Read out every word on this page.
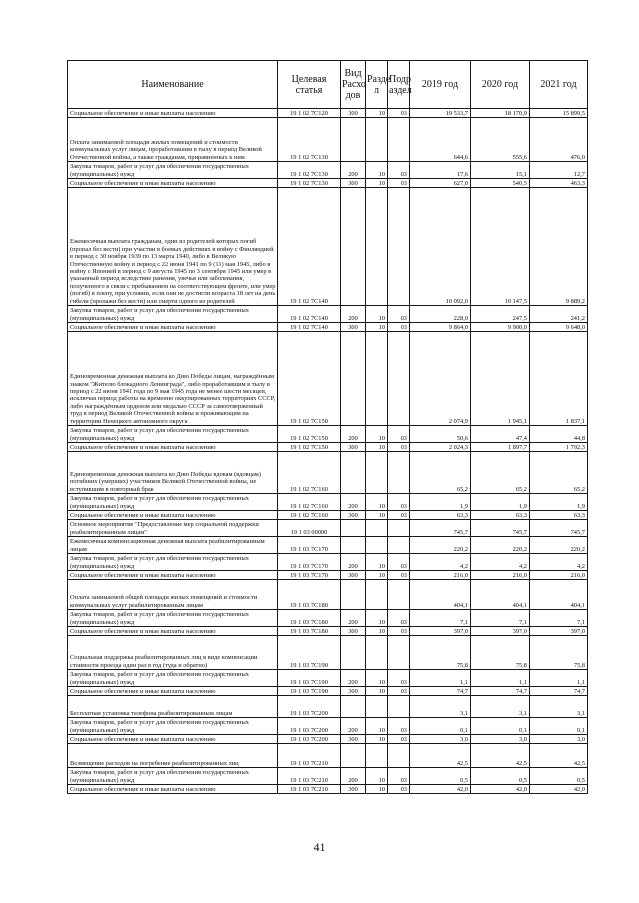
Наименование	Целевая статья	Вид Расхо дов	Разде л	Подр аздел	2019 год	2020 год	2021 год
Социальное обеспечение и иные выплаты населению	19 1 02 7С120	300	10	03	19 533,7	18 170,9	15 899,5
Оплата занимаемой площади жилых помещений и стоимости коммунальных услуг лицам, проработавшим в тылу в период Великой Отечественной войны, а также гражданам, приравненных к ним	19 1 02 7С130				644,6	555,6	476,0
Закупка товаров, работ и услуг для обеспечения государственных (муниципальных) нужд	19 1 02 7С130	200	10	03	17,6	15,1	12,7
Социальное обеспечение и иные выплаты населению	19 1 02 7С130	300	10	03	627,0	540,5	463,3
Ежемесячная выплата гражданам, один из родителей которых погиб (пропал без вести) при участии в боевых действиях в войну с Финляндией в период с 30 ноября 1939 по 13 марта 1940, либо в Великую Отечественную войну в период с 22 июня 1941 по 9 (11) мая 1945, либо в войну с Японией в период с 9 августа 1945 по 3 сентября 1945 или умер в указанный период вследствие ранения, увечья или заболевания, полученного в связи с пребыванием на соответствующем фронте, или умер (погиб) в плену, при условии, если они не достигли возраста 18 лет на день гибели (пропажи без вести) или смерти одного из родителей	19 1 02 7С140				10 092,0	10 147,5	9 889,2
Закупка товаров, работ и услуг для обеспечения государственных (муниципальных) нужд	19 1 02 7С140	200	10	03	228,0	247,5	241,2
Социальное обеспечение и иные выплаты населению	19 1 02 7С140	300	10	03	9 864,0	9 900,0	9 648,0
Единовременная денежная выплата ко Дню Победы лицам, награждённым знаком "Жителю блокадного Ленинграда", либо проработавшим в тылу в период с 22 июня 1941 года по 9 мая 1945 года не менее шести месяцев, исключая период работы на временно оккупированных территориях СССР, либо награждённым орденом или медалью СССР за самоотверженный труд в период Великой Отечественной войны и проживающим на территории Ненецкого автономного округа	19 1 02 7С150				2 074,9	1 945,1	1 837,1
Закупка товаров, работ и услуг для обеспечения государственных (муниципальных) нужд	19 1 02 7С150	200	10	03	50,6	47,4	44,8
Социальное обеспечение и иные выплаты населению	19 1 02 7С150	300	10	03	2 024,3	1 897,7	1 792,3
Единовременная денежная выплата ко Дню Победы вдовам (вдовцам) погибших (умерших) участников Великой Отечественной войны, не вступившим в повторный брак	19 1 02 7С160				65,2	65,2	65,2
Закупка товаров, работ и услуг для обеспечения государственных (муниципальных) нужд	19 1 02 7С160	200	10	03	1,9	1,9	1,9
Социальное обеспечение и иные выплаты населению	19 1 02 7С160	300	10	03	63,3	63,3	63,3
Основное мероприятие "Предоставление мер социальной поддержки реабилитированным лицам"	19 1 03 00000				745,7	745,7	745,7
Ежемесячная компенсационная денежная выплата реабилитированным лицам	19 1 03 7С170				220,2	220,2	220,2
Закупка товаров, работ и услуг для обеспечения государственных (муниципальных) нужд	19 1 03 7С170	200	10	03	4,2	4,2	4,2
Социальное обеспечение и иные выплаты населению	19 1 03 7С170	300	10	03	216,0	216,0	216,0
Оплата занимаемой общей площади жилых помещений и стоимости коммунальных услуг реабилитированным лицам	19 1 03 7С180				404,1	404,1	404,1
Закупка товаров, работ и услуг для обеспечения государственных (муниципальных) нужд	19 1 03 7С180	200	10	03	7,1	7,1	7,1
Социальное обеспечение и иные выплаты населению	19 1 03 7С180	300	10	03	397,0	397,0	397,0
Социальная поддержка реабилитированных лиц в виде компенсации стоимости проезда один раз в год (туда и обратно)	19 1 03 7С190				75,8	75,8	75,8
Закупка товаров, работ и услуг для обеспечения государственных (муниципальных) нужд	19 1 03 7С190	200	10	03	1,1	1,1	1,1
Социальное обеспечение и иные выплаты населению	19 1 03 7С190	300	10	03	74,7	74,7	74,7
Бесплатная установка телефона реабилитированным лицам	19 1 03 7С200				3,1	3,1	3,1
Закупка товаров, работ и услуг для обеспечения государственных (муниципальных) нужд	19 1 03 7С200	200	10	03	0,1	0,1	0,1
Социальное обеспечение и иные выплаты населению	19 1 03 7С200	300	10	03	3,0	3,0	3,0
Возмещение расходов на погребение реабилитированных лиц	19 1 03 7С210				42,5	42,5	42,5
Закупка товаров, работ и услуг для обеспечения государственных (муниципальных) нужд	19 1 03 7С210	200	10	03	0,5	0,5	0,5
Социальное обеспечение и иные выплаты населению	19 1 03 7С210	300	10	03	42,0	42,0	42,0
41
